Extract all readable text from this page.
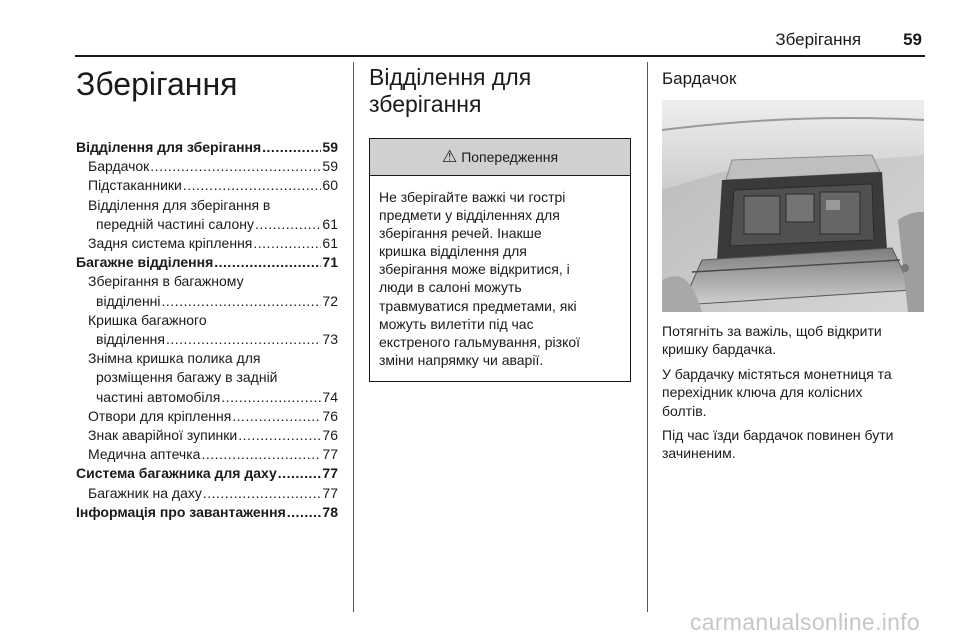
Зберігання 59
Зберігання
Відділення для зберігання .....	59
Бардачок .....	59
Підстаканники .....	60
Відділення для зберігання в
передній частині салону .....	61
Задня система кріплення .....	61
Багажне відділення .....	71
Зберігання в багажному
відділенні .....	72
Кришка багажного
відділення .....	73
Знімна кришка полика для
розміщення багажу в задній
частині автомобіля .....	74
Отвори для кріплення .....	76
Знак аварійної зупинки .....	76
Медична аптечка .....	77
Система багажника для даху .....	77
Багажник на даху .....	77
Інформація про завантаження .....	78
Відділення для
зберігання
⚠ Попередження
Не зберігайте важкі чи гострі
предмети у відділеннях для
зберігання речей. Інакше
кришка відділення для
зберігання може відкритися, і
люди в салоні можуть
травмуватися предметами, які
можуть вилетіти під час
екстреного гальмування, різкої
зміни напрямку чи аварії.
Бардачок

Потягніть за важіль, щоб відкрити
кришку бардачка.

У бардачку містяться монетниця та
перехідник ключа для колісних
болтів.

Під час їзди бардачок повинен бути
зачиненим.

carmanualsonline.info
